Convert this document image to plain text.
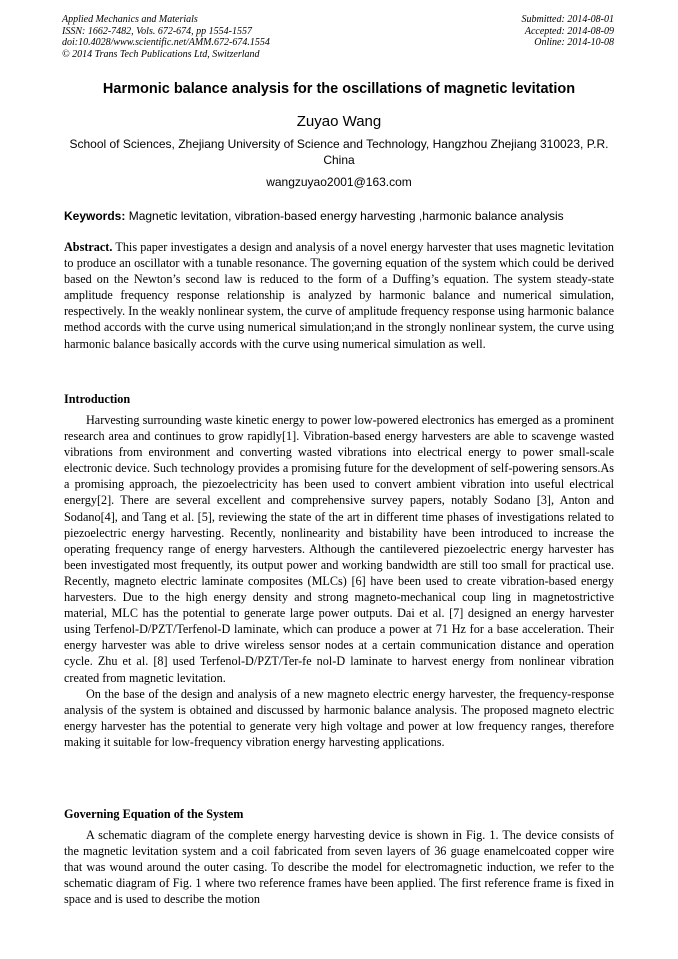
Applied Mechanics and Materials
ISSN: 1662-7482, Vols. 672-674, pp 1554-1557
doi:10.4028/www.scientific.net/AMM.672-674.1554
© 2014 Trans Tech Publications Ltd, Switzerland
Submitted: 2014-08-01
Accepted: 2014-08-09
Online: 2014-10-08
Harmonic balance analysis for the oscillations of magnetic levitation
Zuyao Wang
School of Sciences, Zhejiang University of Science and Technology, Hangzhou Zhejiang 310023, P.R. China
wangzuyao2001@163.com
Keywords: Magnetic levitation, vibration-based energy harvesting ,harmonic balance analysis
Abstract. This paper investigates a design and analysis of a novel energy harvester that uses magnetic levitation to produce an oscillator with a tunable resonance. The governing equation of the system which could be derived based on the Newton’s second law is reduced to the form of a Duffing’s equation. The system steady-state amplitude frequency response relationship is analyzed by harmonic balance and numerical simulation, respectively. In the weakly nonlinear system, the curve of amplitude frequency response using harmonic balance method accords with the curve using numerical simulation;and in the strongly nonlinear system, the curve using harmonic balance basically accords with the curve using numerical simulation as well.
Introduction

Harvesting surrounding waste kinetic energy to power low-powered electronics has emerged as a prominent research area and continues to grow rapidly[1]. Vibration-based energy harvesters are able to scavenge wasted vibrations from environment and converting wasted vibrations into electrical energy to power small-scale electronic device. Such technology provides a promising future for the development of self-powering sensors.As a promising approach, the piezoelectricity has been used to convert ambient vibration into useful electrical energy[2]. There are several excellent and comprehensive survey papers, notably Sodano [3], Anton and Sodano[4], and Tang et al. [5], reviewing the state of the art in different time phases of investigations related to piezoelectric energy harvesting. Recently, nonlinearity and bistability have been introduced to increase the operating frequency range of energy harvesters. Although the cantilevered piezoelectric energy harvester has been investigated most frequently, its output power and working bandwidth are still too small for practical use. Recently, magneto electric laminate composites (MLCs) [6] have been used to create vibration-based energy harvesters. Due to the high energy density and strong magneto-mechanical coup ling in magnetostrictive material, MLC has the potential to generate large power outputs. Dai et al. [7] designed an energy harvester using Terfenol-D/PZT/Terfenol-D laminate, which can produce a power at 71 Hz for a base acceleration. Their energy harvester was able to drive wireless sensor nodes at a certain communication distance and operation cycle. Zhu et al. [8] used Terfenol-D/PZT/Ter-fe nol-D laminate to harvest energy from nonlinear vibration created from magnetic levitation.

On the base of the design and analysis of a new magneto electric energy harvester, the frequency-response analysis of the system is obtained and discussed by harmonic balance analysis. The proposed magneto electric energy harvester has the potential to generate very high voltage and power at low frequency ranges, therefore making it suitable for low-frequency vibration energy harvesting applications.

Governing Equation of the System

A schematic diagram of the complete energy harvesting device is shown in Fig. 1. The device consists of the magnetic levitation system and a coil fabricated from seven layers of 36 guage enamelcoated copper wire that was wound around the outer casing. To describe the model for electromagnetic induction, we refer to the schematic diagram of Fig. 1 where two reference frames have been applied. The first reference frame is fixed in space and is used to describe the motion
